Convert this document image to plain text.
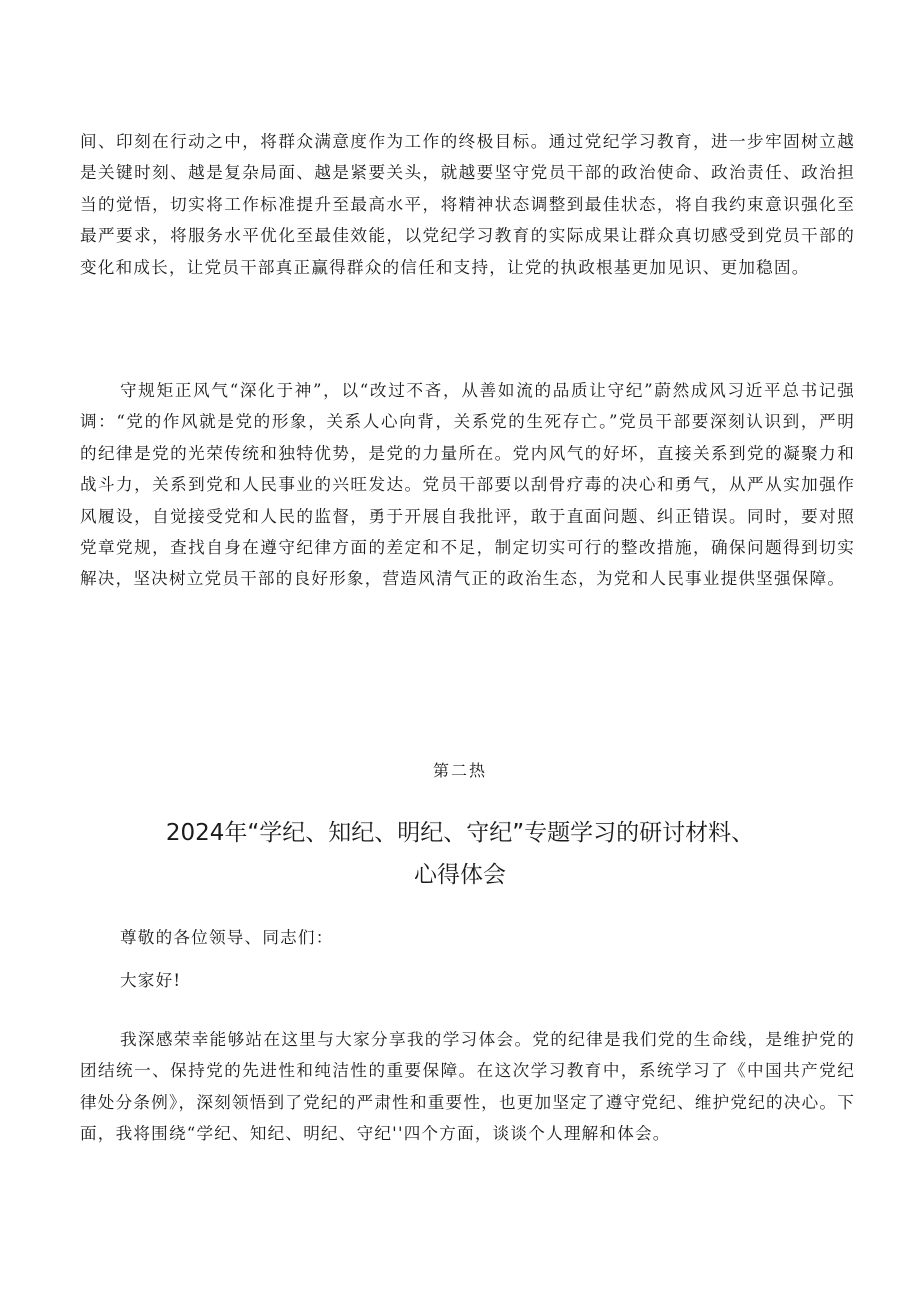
间、印刻在行动之中，将群众满意度作为工作的终极目标。通过党纪学习教育，进一步牢固树立越是关键时刻、越是复杂局面、越是紧要关头，就越要坚守党员干部的政治使命、政治责任、政治担当的觉悟，切实将工作标准提升至最高水平，将精神状态调整到最佳状态，将自我约束意识强化至最严要求，将服务水平优化至最佳效能，以党纪学习教育的实际成果让群众真切感受到党员干部的变化和成长，让党员干部真正赢得群众的信任和支持，让党的执政根基更加见识、更加稳固。

守规矩正风气“深化于神”，以“改过不吝，从善如流的品质让守纪”蔚然成风习近平总书记强调：“党的作风就是党的形象，关系人心向背，关系党的生死存亡。”党员干部要深刻认识到，严明的纪律是党的光荣传统和独特优势，是党的力量所在。党内风气的好坏，直接关系到党的凝聚力和战斗力，关系到党和人民事业的兴旺发达。党员干部要以刮骨疗毒的决心和勇气，从严从实加强作风履设，自觉接受党和人民的监督，勇于开展自我批评，敢于直面问题、纠正错误。同时，要对照党章党规，查找自身在遵守纪律方面的差定和不足，制定切实可行的整改措施，确保问题得到切实解决，坚决树立党员干部的良好形象，营造风清气正的政治生态，为党和人民事业提供坚强保障。

第二热

2024年“学纪、知纪、明纪、守纪”专题学习的研讨材料、
心得体会

尊敬的各位领导、同志们：

大家好!

我深感荣幸能够站在这里与大家分享我的学习体会。党的纪律是我们党的生命线，是维护党的团结统一、保持党的先进性和纯洁性的重要保障。在这次学习教育中，系统学习了《中国共产党纪律处分条例》，深刻领悟到了党纪的严肃性和重要性，也更加坚定了遵守党纪、维护党纪的决心。下面，我将围绕“学纪、知纪、明纪、守纪''四个方面，谈谈个人理解和体会。
